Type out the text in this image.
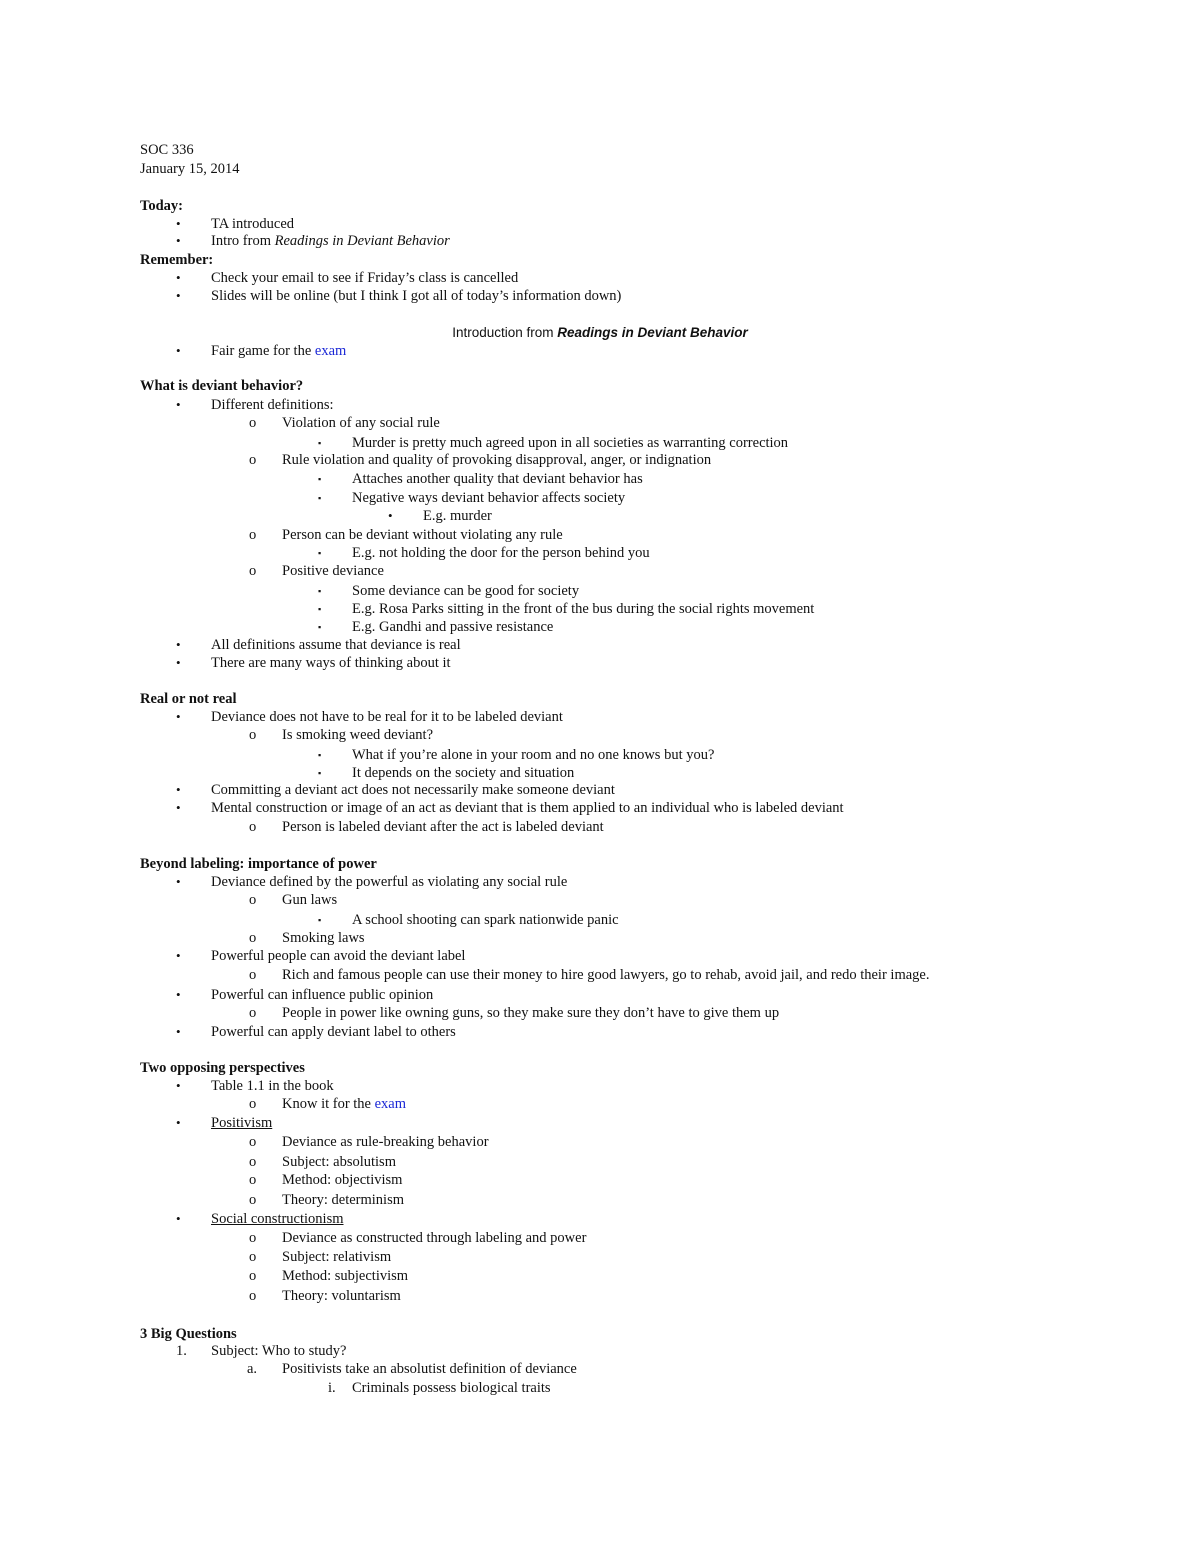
SOC 336
January 15, 2014
Today:
• TA introduced
• Intro from Readings in Deviant Behavior
Remember:
• Check your email to see if Friday’s class is cancelled
• Slides will be online (but I think I got all of today’s information down)
Introduction from Readings in Deviant Behavior
• Fair game for the exam
What is deviant behavior?
• Different definitions:
o Violation of any social rule
▪ Murder is pretty much agreed upon in all societies as warranting correction
o Rule violation and quality of provoking disapproval, anger, or indignation
▪ Attaches another quality that deviant behavior has
▪ Negative ways deviant behavior affects society
• E.g. murder
o Person can be deviant without violating any rule
▪ E.g. not holding the door for the person behind you
o Positive deviance
▪ Some deviance can be good for society
▪ E.g. Rosa Parks sitting in the front of the bus during the social rights movement
▪ E.g. Gandhi and passive resistance
• All definitions assume that deviance is real
• There are many ways of thinking about it
Real or not real
• Deviance does not have to be real for it to be labeled deviant
o Is smoking weed deviant?
▪ What if you’re alone in your room and no one knows but you?
▪ It depends on the society and situation
• Committing a deviant act does not necessarily make someone deviant
• Mental construction or image of an act as deviant that is them applied to an individual who is labeled deviant
o Person is labeled deviant after the act is labeled deviant
Beyond labeling: importance of power
• Deviance defined by the powerful as violating any social rule
o Gun laws
▪ A school shooting can spark nationwide panic
o Smoking laws
• Powerful people can avoid the deviant label
o Rich and famous people can use their money to hire good lawyers, go to rehab, avoid jail, and redo their image.
• Powerful can influence public opinion
o People in power like owning guns, so they make sure they don’t have to give them up
• Powerful can apply deviant label to others
Two opposing perspectives
• Table 1.1 in the book
o Know it for the exam
• Positivism
o Deviance as rule-breaking behavior
o Subject: absolutism
o Method: objectivism
o Theory: determinism
• Social constructionism
o Deviance as constructed through labeling and power
o Subject: relativism
o Method: subjectivism
o Theory: voluntarism
3 Big Questions
1. Subject: Who to study?
a. Positivists take an absolutist definition of deviance
i. Criminals possess biological traits
